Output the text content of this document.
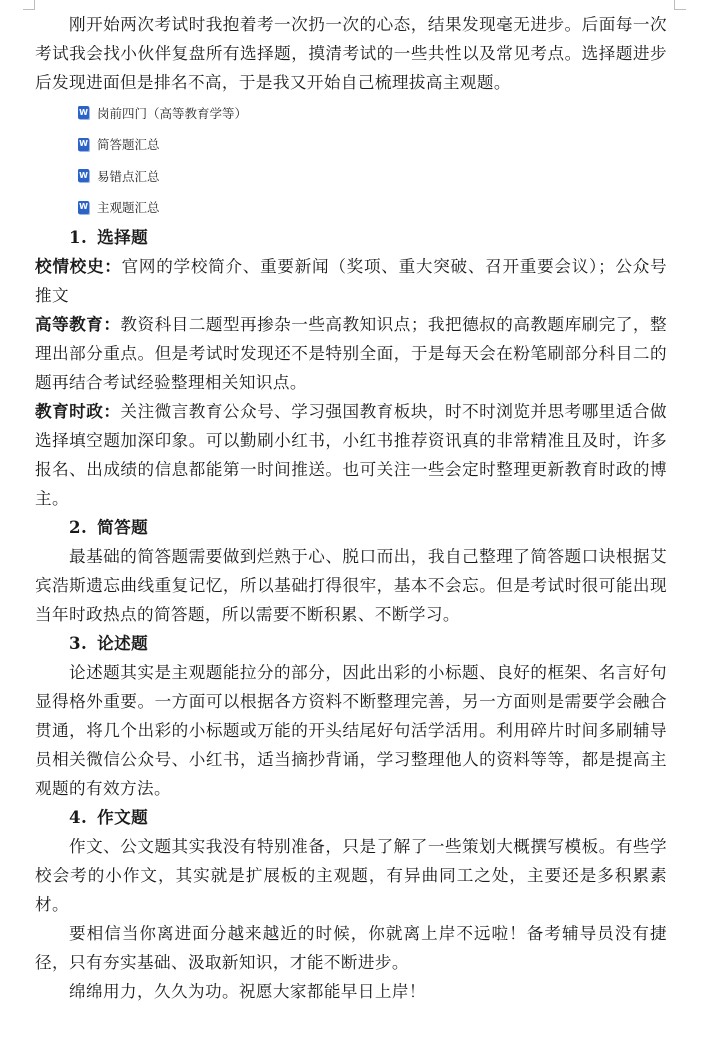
刚开始两次考试时我抱着考一次扔一次的心态，结果发现毫无进步。后面每一次考试我会找小伙伴复盘所有选择题，摸清考试的一些共性以及常见考点。选择题进步后发现进面但是排名不高，于是我又开始自己梳理拔高主观题。

W 岗前四门（高等教育学等）
W 简答题汇总
W 易错点汇总
W 主观题汇总
1. 选择题

校情校史：官网的学校简介、重要新闻（奖项、重大突破、召开重要会议）；公众号推文

高等教育：教资科目二题型再掺杂一些高教知识点；我把德叔的高教题库刷完了，整理出部分重点。但是考试时发现还不是特别全面，于是每天会在粉笔刷部分科目二的题再结合考试经验整理相关知识点。

教育时政：关注微言教育公众号、学习强国教育板块，时不时浏览并思考哪里适合做选择填空题加深印象。可以勤刷小红书，小红书推荐资讯真的非常精准且及时，许多报名、出成绩的信息都能第一时间推送。也可关注一些会定时整理更新教育时政的博主。

2. 简答题

最基础的简答题需要做到烂熟于心、脱口而出，我自己整理了简答题口诀根据艾宾浩斯遗忘曲线重复记忆，所以基础打得很牢，基本不会忘。但是考试时很可能出现当年时政热点的简答题，所以需要不断积累、不断学习。

3. 论述题

论述题其实是主观题能拉分的部分，因此出彩的小标题、良好的框架、名言好句显得格外重要。一方面可以根据各方资料不断整理完善，另一方面则是需要学会融合贯通，将几个出彩的小标题或万能的开头结尾好句活学活用。利用碎片时间多刷辅导员相关微信公众号、小红书，适当摘抄背诵，学习整理他人的资料等等，都是提高主观题的有效方法。

4. 作文题

作文、公文题其实我没有特别准备，只是了解了一些策划大概撰写模板。有些学校会考的小作文，其实就是扩展板的主观题，有异曲同工之处，主要还是多积累素材。

要相信当你离进面分越来越近的时候，你就离上岸不远啦！备考辅导员没有捷径，只有夯实基础、汲取新知识，才能不断进步。

绵绵用力，久久为功。祝愿大家都能早日上岸！
